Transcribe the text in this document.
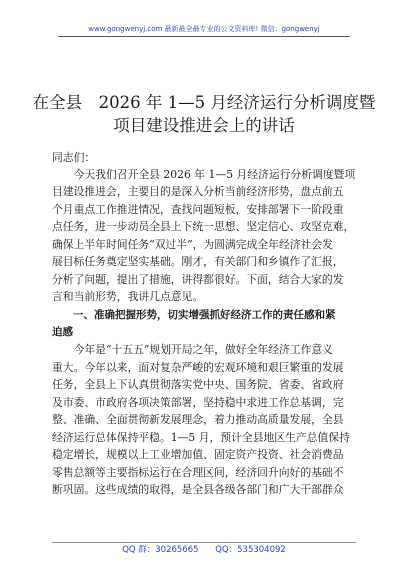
www.gongwenyj.com 最新最全最专业的公文资料库! 微信：gongwenyj
在全县　2026 年 1—5 月经济运行分析调度暨
项目建设推进会上的讲话
同志们：
　　今天我们召开全县 2026 年 1—5 月经济运行分析调度暨项
目建设推进会，主要目的是深入分析当前经济形势，盘点前五
个月重点工作推进情况，查找问题短板，安排部署下一阶段重
点任务，进一步动员全县上下统一思想、坚定信心、攻坚克难，
确保上半年时间任务“双过半”，为圆满完成全年经济社会发
展目标任务奠定坚实基础。刚才，有关部门和乡镇作了汇报，
分析了问题，提出了措施，讲得都很好。下面，结合大家的发
言和当前形势，我讲几点意见。
　　一、准确把握形势，切实增强抓好经济工作的责任感和紧
迫感
　　今年是“十五五”规划开局之年，做好全年经济工作意义
重大。今年以来，面对复杂严峻的宏观环境和艰巨繁重的发展
任务，全县上下认真贯彻落实党中央、国务院、省委、省政府
及市委、市政府各项决策部署，坚持稳中求进工作总基调，完
整、准确、全面贯彻新发展理念，着力推动高质量发展，全县
经济运行总体保持平稳。1—5 月，预计全县地区生产总值保持
稳定增长，规模以上工业增加值、固定资产投资、社会消费品
零售总额等主要指标运行在合理区间，经济回升向好的基础不
断巩固。这些成绩的取得，是全县各级各部门和广大干部群众
QQ 群：30265665 QQ：535304092
